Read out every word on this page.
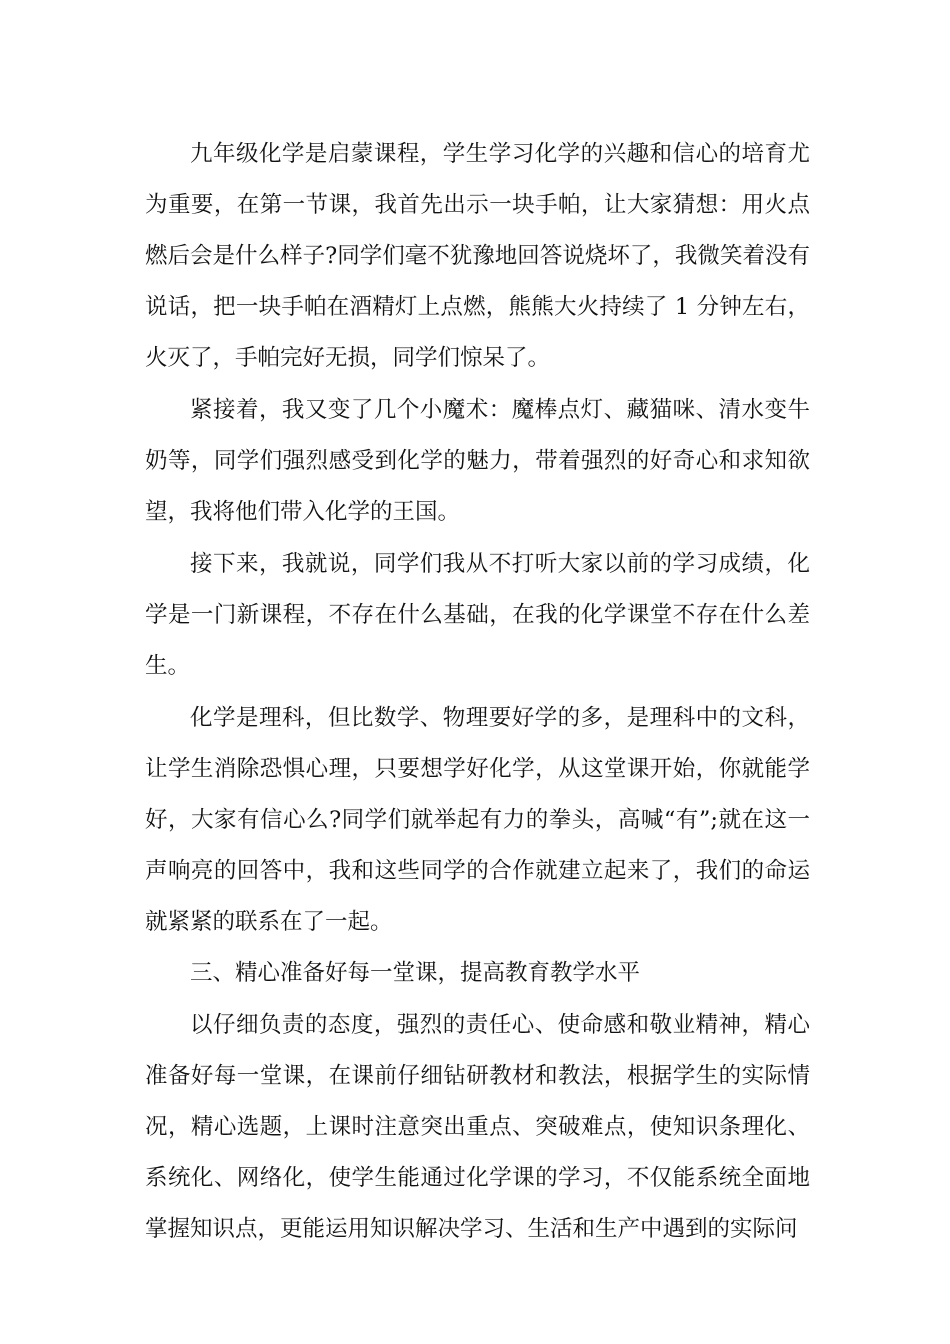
九年级化学是启蒙课程，学生学习化学的兴趣和信心的培育尤为重要，在第一节课，我首先出示一块手帕，让大家猜想：用火点燃后会是什么样子?同学们毫不犹豫地回答说烧坏了，我微笑着没有说话，把一块手帕在酒精灯上点燃，熊熊大火持续了 1 分钟左右，火灭了，手帕完好无损，同学们惊呆了。

紧接着，我又变了几个小魔术：魔棒点灯、藏猫咪、清水变牛奶等，同学们强烈感受到化学的魅力，带着强烈的好奇心和求知欲望，我将他们带入化学的王国。

接下来，我就说，同学们我从不打听大家以前的学习成绩，化学是一门新课程，不存在什么基础，在我的化学课堂不存在什么差生。

化学是理科，但比数学、物理要好学的多，是理科中的文科，让学生消除恐惧心理，只要想学好化学，从这堂课开始，你就能学好，大家有信心么?同学们就举起有力的拳头，高喊“有”;就在这一声响亮的回答中，我和这些同学的合作就建立起来了，我们的命运就紧紧的联系在了一起。

三、精心准备好每一堂课，提高教育教学水平

以仔细负责的态度，强烈的责任心、使命感和敬业精神，精心准备好每一堂课，在课前仔细钻研教材和教法，根据学生的实际情况，精心选题，上课时注意突出重点、突破难点，使知识条理化、系统化、网络化，使学生能通过化学课的学习，不仅能系统全面地掌握知识点，更能运用知识解决学习、生活和生产中遇到的实际问
